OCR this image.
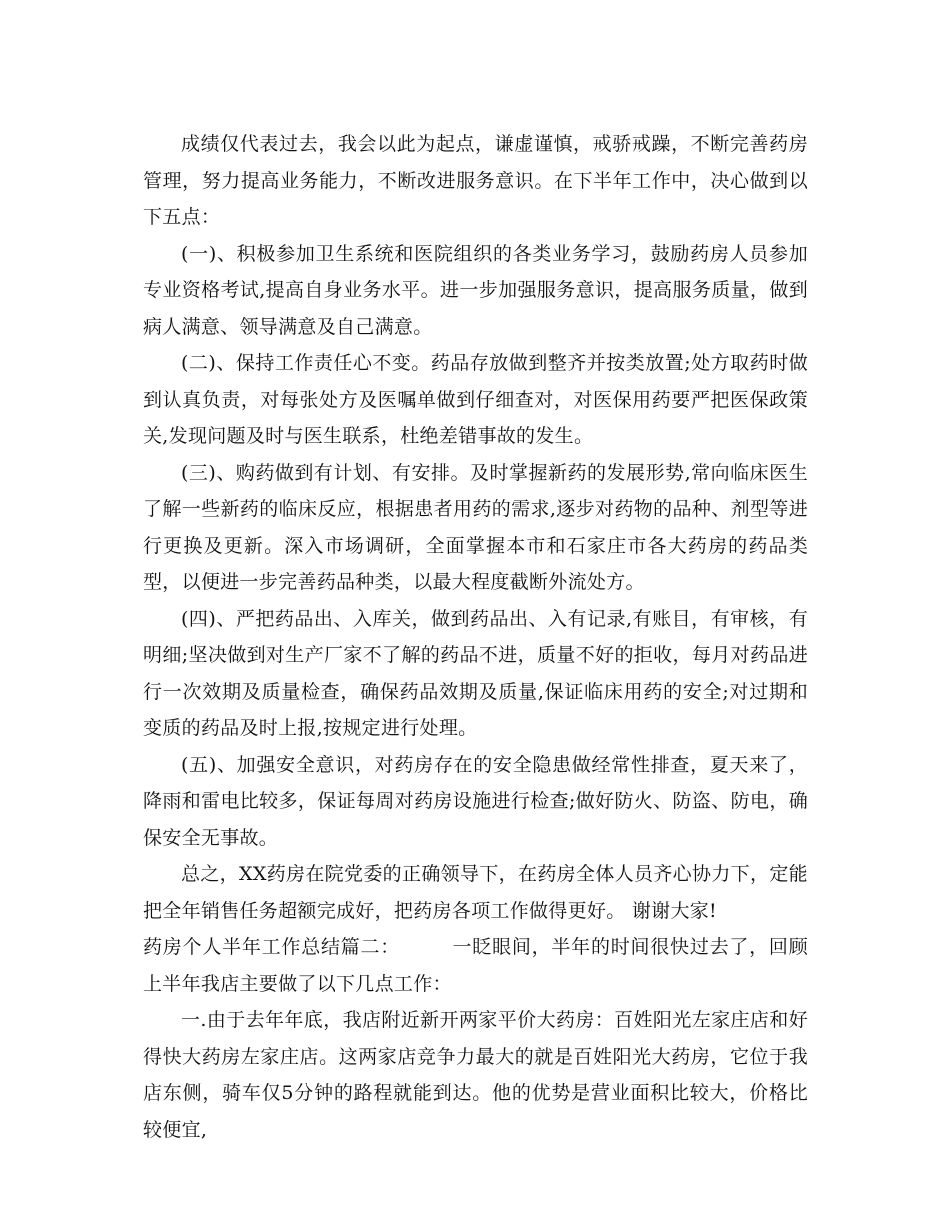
成绩仅代表过去，我会以此为起点，谦虚谨慎，戒骄戒躁，不断完善药房管理，努力提高业务能力，不断改进服务意识。在下半年工作中，决心做到以下五点：

(一)、积极参加卫生系统和医院组织的各类业务学习，鼓励药房人员参加专业资格考试,提高自身业务水平。进一步加强服务意识，提高服务质量，做到病人满意、领导满意及自己满意。

(二)、保持工作责任心不变。药品存放做到整齐并按类放置;处方取药时做到认真负责，对每张处方及医嘱单做到仔细查对，对医保用药要严把医保政策关,发现问题及时与医生联系，杜绝差错事故的发生。

(三)、购药做到有计划、有安排。及时掌握新药的发展形势,常向临床医生了解一些新药的临床反应，根据患者用药的需求,逐步对药物的品种、剂型等进行更换及更新。深入市场调研，全面掌握本市和石家庄市各大药房的药品类型，以便进一步完善药品种类，以最大程度截断外流处方。

(四)、严把药品出、入库关，做到药品出、入有记录,有账目，有审核，有明细;坚决做到对生产厂家不了解的药品不进，质量不好的拒收，每月对药品进行一次效期及质量检查，确保药品效期及质量,保证临床用药的安全;对过期和变质的药品及时上报,按规定进行处理。

(五)、加强安全意识，对药房存在的安全隐患做经常性排查，夏天来了，降雨和雷电比较多，保证每周对药房设施进行检查;做好防火、防盗、防电，确保安全无事故。

总之，XX药房在院党委的正确领导下，在药房全体人员齐心协力下，定能把全年销售任务超额完成好，把药房各项工作做得更好。 谢谢大家!

药房个人半年工作总结篇二：	一眨眼间，半年的时间很快过去了，回顾上半年我店主要做了以下几点工作：

一.由于去年年底，我店附近新开两家平价大药房：百姓阳光左家庄店和好得快大药房左家庄店。这两家店竞争力最大的就是百姓阳光大药房，它位于我店东侧，骑车仅5分钟的路程就能到达。他的优势是营业面积比较大，价格比较便宜,
